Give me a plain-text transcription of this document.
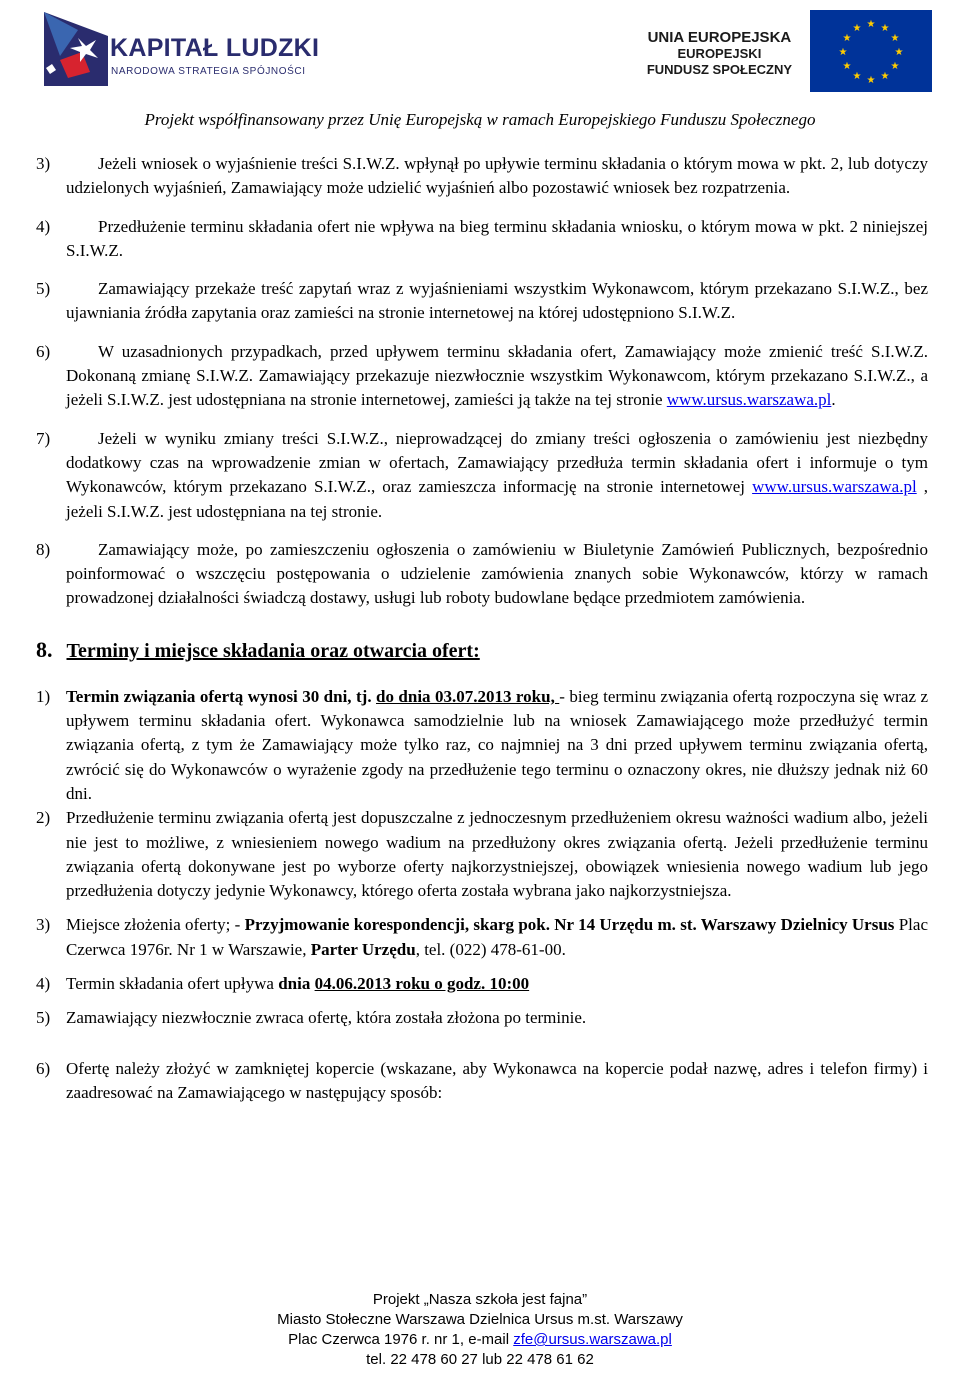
KAPITAŁ LUDZKI
NARODOWA STRATEGIA SPÓJNOŚCI
UNIA EUROPEJSKA
EUROPEJSKI
FUNDUSZ SPOŁECZNY
★ ★
★
★
★
★
★
★
★
★
★
★
Projekt współfinansowany przez Unię Europejską w ramach Europejskiego Funduszu Społecznego
3)	Jeżeli wniosek o wyjaśnienie treści S.I.W.Z. wpłynął po upływie terminu składania o którym mowa w pkt. 2, lub dotyczy udzielonych wyjaśnień, Zamawiający może udzielić wyjaśnień albo pozostawić wniosek bez rozpatrzenia.
4)	Przedłużenie terminu składania ofert nie wpływa na bieg terminu składania wniosku, o którym mowa w pkt. 2 niniejszej S.I.W.Z.
5)	Zamawiający przekaże treść zapytań wraz z wyjaśnieniami wszystkim Wykonawcom, którym przekazano S.I.W.Z., bez ujawniania źródła zapytania oraz zamieści na stronie internetowej na której udostępniono S.I.W.Z.
6)	W uzasadnionych przypadkach, przed upływem terminu składania ofert, Zamawiający może zmienić treść S.I.W.Z. Dokonaną zmianę S.I.W.Z. Zamawiający przekazuje niezwłocznie wszystkim Wykonawcom, którym przekazano S.I.W.Z., a jeżeli S.I.W.Z. jest udostępniana na stronie internetowej, zamieści ją także na tej stronie www.ursus.warszawa.pl.
7)	Jeżeli w wyniku zmiany treści S.I.W.Z., nieprowadzącej do zmiany treści ogłoszenia o zamówieniu jest niezbędny dodatkowy czas na wprowadzenie zmian w ofertach, Zamawiający przedłuża termin składania ofert i informuje o tym Wykonawców, którym przekazano S.I.W.Z., oraz zamieszcza informację na stronie internetowej www.ursus.warszawa.pl , jeżeli S.I.W.Z. jest udostępniana na tej stronie.
8)	Zamawiający może, po zamieszczeniu ogłoszenia o zamówieniu w Biuletynie Zamówień Publicznych, bezpośrednio poinformować o wszczęciu postępowania o udzielenie zamówienia znanych sobie Wykonawców, którzy w ramach prowadzonej działalności świadczą dostawy, usługi lub roboty budowlane będące przedmiotem zamówienia.
8. Terminy i miejsce składania oraz otwarcia ofert:
1) Termin związania ofertą wynosi 30 dni, tj. do dnia 03.07.2013 roku, - bieg terminu związania ofertą rozpoczyna się wraz z upływem terminu składania ofert. Wykonawca samodzielnie lub na wniosek Zamawiającego może przedłużyć termin związania ofertą, z tym że Zamawiający może tylko raz, co najmniej na 3 dni przed upływem terminu związania ofertą, zwrócić się do Wykonawców o wyrażenie zgody na przedłużenie tego terminu o oznaczony okres, nie dłuższy jednak niż 60 dni.
2) Przedłużenie terminu związania ofertą jest dopuszczalne z jednoczesnym przedłużeniem okresu ważności wadium albo, jeżeli nie jest to możliwe, z wniesieniem nowego wadium na przedłużony okres związania ofertą. Jeżeli przedłużenie terminu związania ofertą dokonywane jest po wyborze oferty najkorzystniejszej, obowiązek wniesienia nowego wadium lub jego przedłużenia dotyczy jedynie Wykonawcy, którego oferta została wybrana jako najkorzystniejsza.
3) Miejsce złożenia oferty; - Przyjmowanie korespondencji, skarg pok. Nr 14 Urzędu m. st. Warszawy Dzielnicy Ursus Plac Czerwca 1976r. Nr 1 w Warszawie, Parter Urzędu, tel. (022) 478-61-00.
4) Termin składania ofert upływa dnia 04.06.2013 roku o godz. 10:00
5) Zamawiający niezwłocznie zwraca ofertę, która została złożona po terminie.
6) Ofertę należy złożyć w zamkniętej kopercie (wskazane, aby Wykonawca na kopercie podał nazwę, adres i telefon firmy) i zaadresować na Zamawiającego w następujący sposób:
Projekt „Nasza szkoła jest fajna”
Miasto Stołeczne Warszawa Dzielnica Ursus m.st. Warszawy
Plac Czerwca 1976 r. nr 1, e-mail zfe@ursus.warszawa.pl
tel. 22 478 60 27 lub 22 478 61 62
